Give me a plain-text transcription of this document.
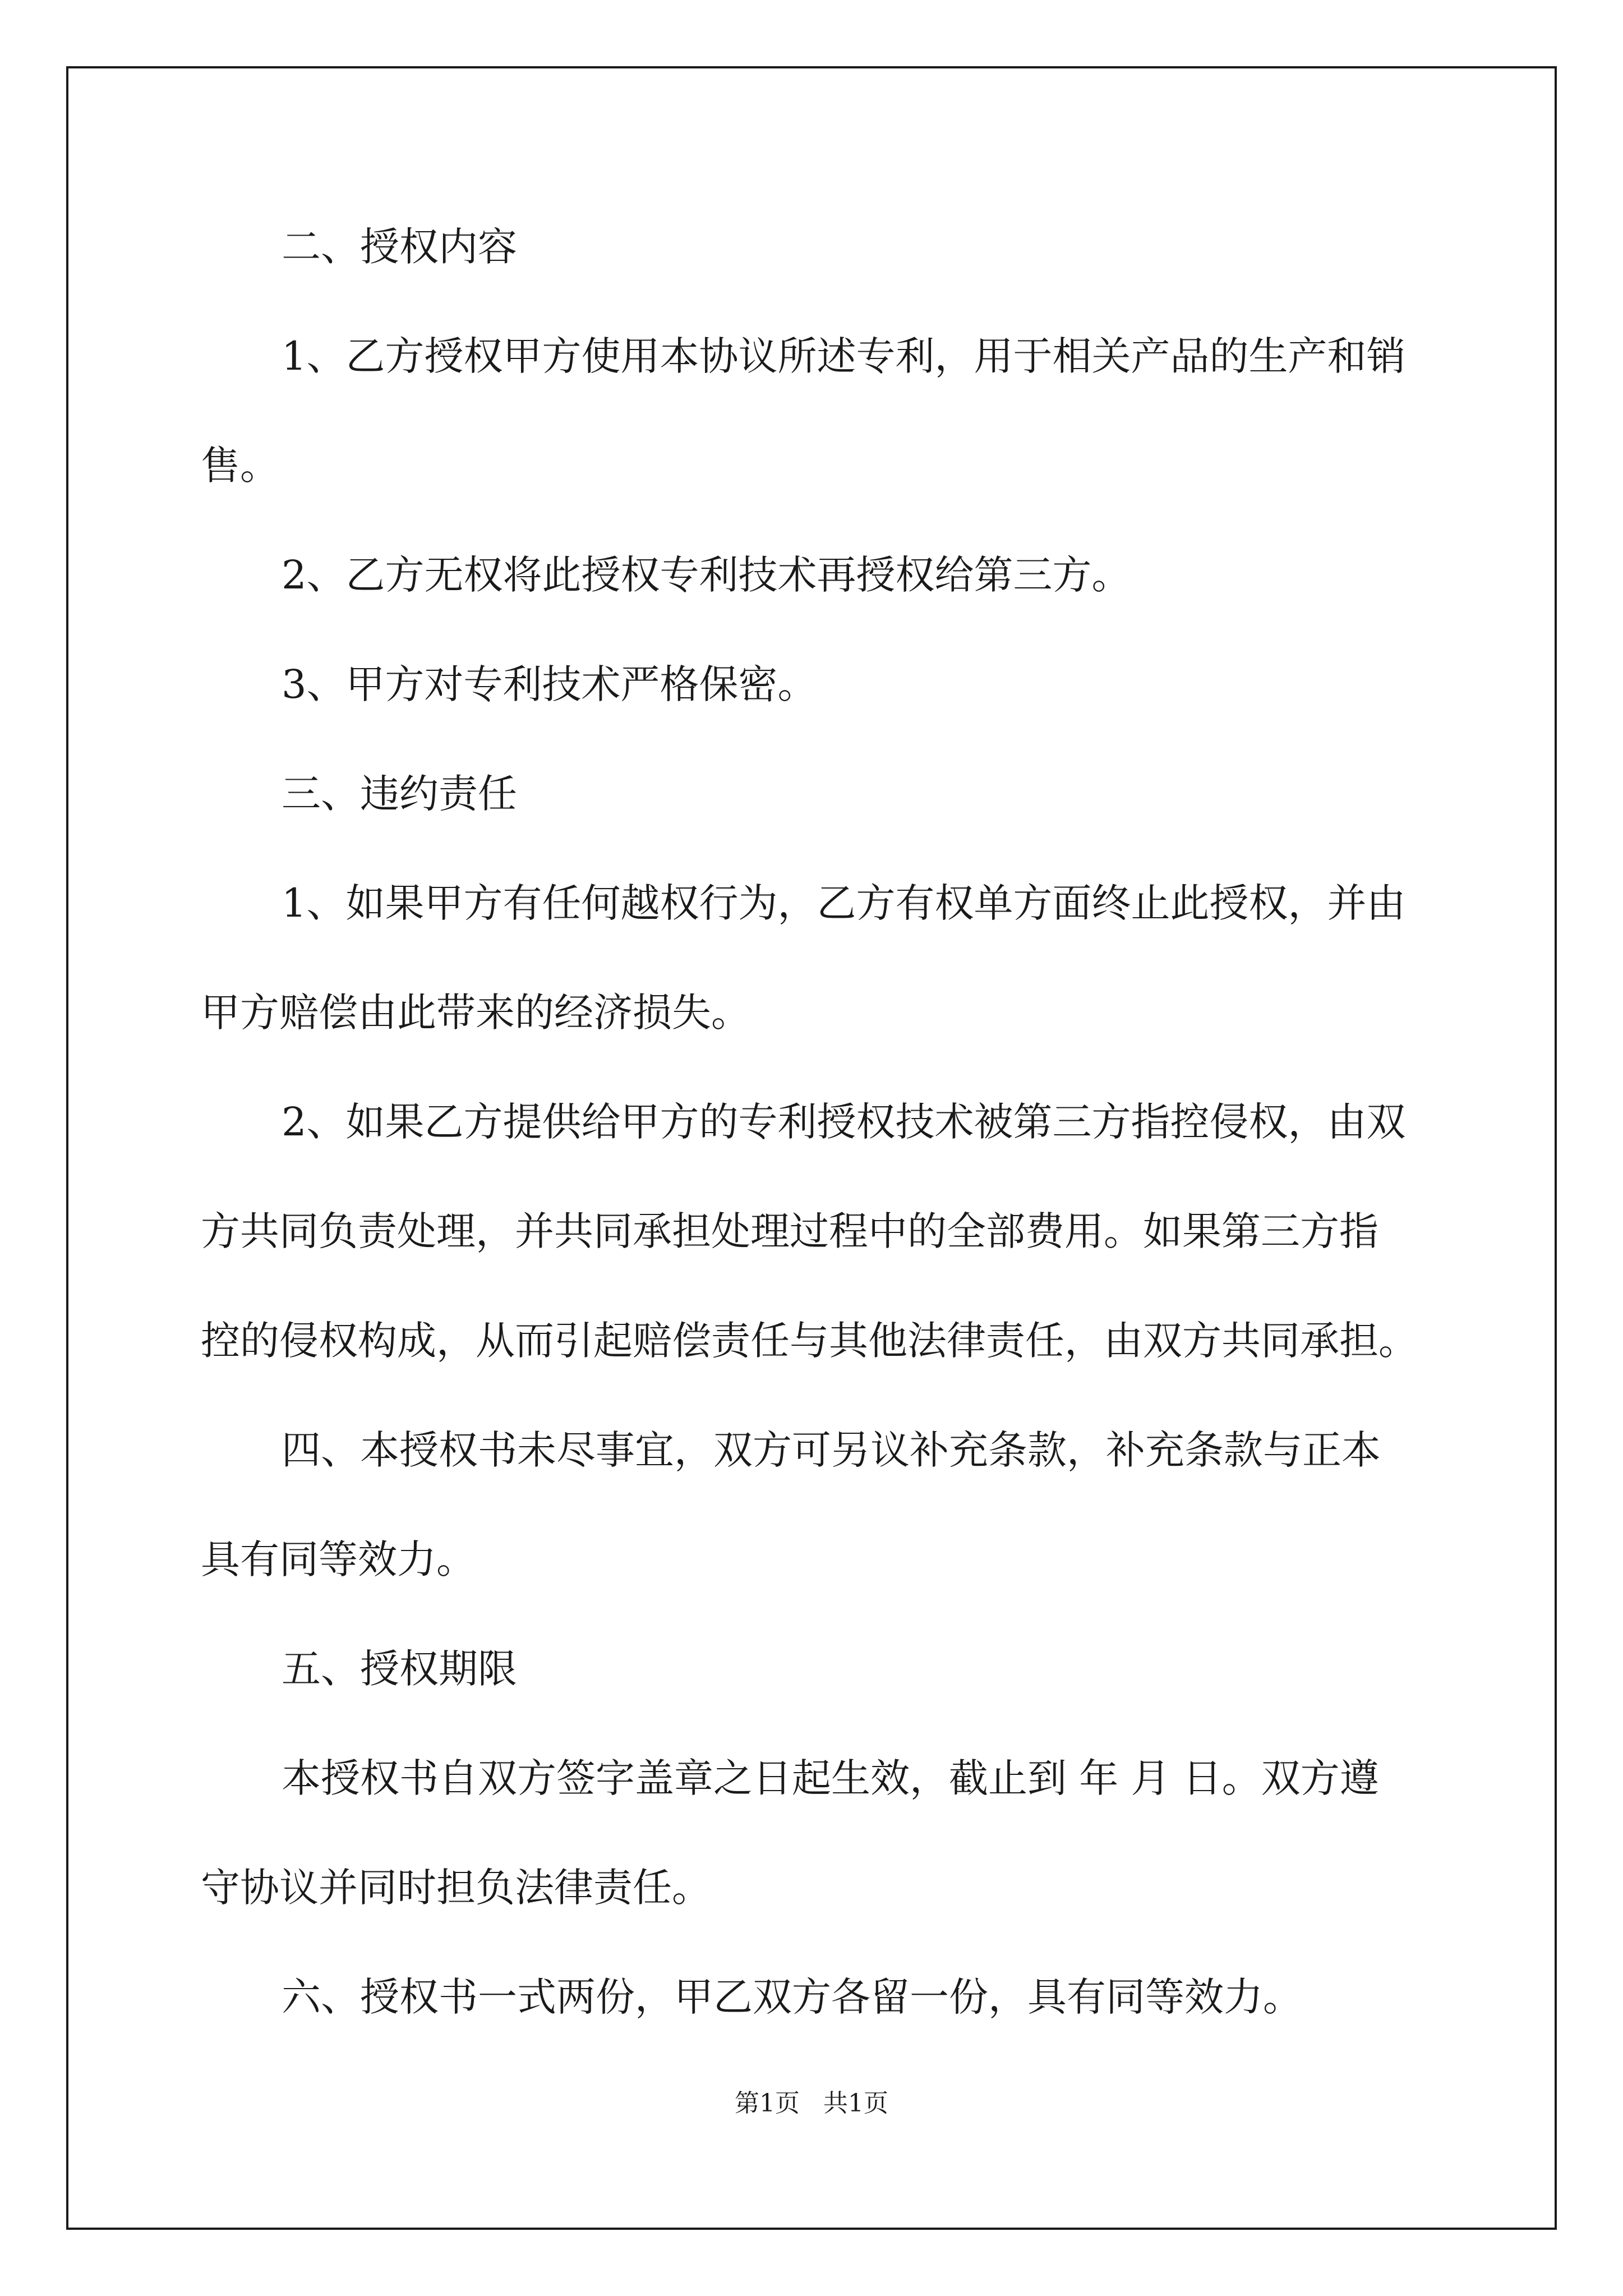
二、授权内容

1、乙方授权甲方使用本协议所述专利，用于相关产品的生产和销

售。

2、乙方无权将此授权专利技术再授权给第三方。

3、甲方对专利技术严格保密。

三、违约责任

1、如果甲方有任何越权行为，乙方有权单方面终止此授权，并由

甲方赔偿由此带来的经济损失。

2、如果乙方提供给甲方的专利授权技术被第三方指控侵权，由双

方共同负责处理，并共同承担处理过程中的全部费用。如果第三方指

控的侵权构成，从而引起赔偿责任与其他法律责任，由双方共同承担。

四、本授权书未尽事宜，双方可另议补充条款，补充条款与正本

具有同等效力。

五、授权期限

本授权书自双方签字盖章之日起生效，截止到 年 月 日。双方遵

守协议并同时担负法律责任。

六、授权书一式两份，甲乙双方各留一份，具有同等效力。

第1页   共1页
